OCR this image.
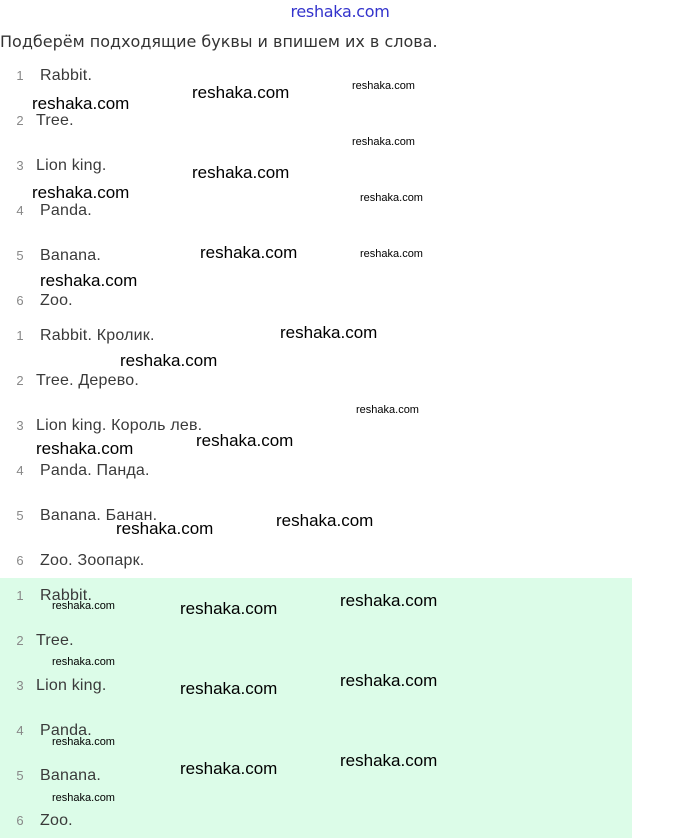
reshaka.com
Подберём подходящие буквы и впишем их в слова.
1 Rabbit.
2 Tree.
3 Lion king.
4 Panda.
5 Banana.
6 Zoo.
1 Rabbit. Кролик.
2 Tree. Дерево.
3 Lion king. Король лев.
4 Panda. Панда.
5 Banana. Банан.
6 Zoo. Зоопарк.
1 Rabbit.
2 Tree.
3 Lion king.
4 Panda.
5 Banana.
6 Zoo.
reshaka.com
reshaka.com	reshaka.com
reshaka.com
reshaka.com
reshaka.com	reshaka.com
reshaka.com	reshaka.com
reshaka.com
reshaka.com
reshaka.com
reshaka.com
reshaka.com
reshaka.com
reshaka.com
reshaka.com
reshaka.com
reshaka.com	reshaka.com
reshaka.com
reshaka.com
reshaka.com
reshaka.com
reshaka.com
reshaka.com
reshaka.com
